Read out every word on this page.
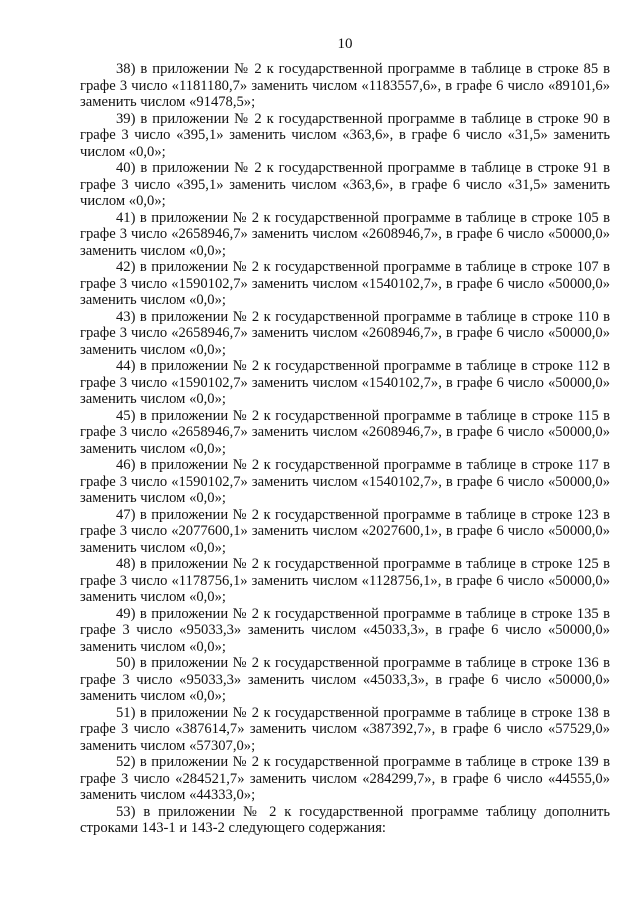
10

38) в приложении № 2 к государственной программе в таблице в строке 85 в графе 3 число «1181180,7» заменить числом «1183557,6», в графе 6 число «89101,6» заменить числом «91478,5»;

39) в приложении № 2 к государственной программе в таблице в строке 90 в графе 3 число «395,1» заменить числом «363,6», в графе 6 число «31,5» заменить числом «0,0»;

40) в приложении № 2 к государственной программе в таблице в строке 91 в графе 3 число «395,1» заменить числом «363,6», в графе 6 число «31,5» заменить числом «0,0»;

41) в приложении № 2 к государственной программе в таблице в строке 105 в графе 3 число «2658946,7» заменить числом «2608946,7», в графе 6 число «50000,0» заменить числом «0,0»;

42) в приложении № 2 к государственной программе в таблице в строке 107 в графе 3 число «1590102,7» заменить числом «1540102,7», в графе 6 число «50000,0» заменить числом «0,0»;

43) в приложении № 2 к государственной программе в таблице в строке 110 в графе 3 число «2658946,7» заменить числом «2608946,7», в графе 6 число «50000,0» заменить числом «0,0»;

44) в приложении № 2 к государственной программе в таблице в строке 112 в графе 3 число «1590102,7» заменить числом «1540102,7», в графе 6 число «50000,0» заменить числом «0,0»;

45) в приложении № 2 к государственной программе в таблице в строке 115 в графе 3 число «2658946,7» заменить числом «2608946,7», в графе 6 число «50000,0» заменить числом «0,0»;

46) в приложении № 2 к государственной программе в таблице в строке 117 в графе 3 число «1590102,7» заменить числом «1540102,7», в графе 6 число «50000,0» заменить числом «0,0»;

47) в приложении № 2 к государственной программе в таблице в строке 123 в графе 3 число «2077600,1» заменить числом «2027600,1», в графе 6 число «50000,0» заменить числом «0,0»;

48) в приложении № 2 к государственной программе в таблице в строке 125 в графе 3 число «1178756,1» заменить числом «1128756,1», в графе 6 число «50000,0» заменить числом «0,0»;

49) в приложении № 2 к государственной программе в таблице в строке 135 в графе 3 число «95033,3» заменить числом «45033,3», в графе 6 число «50000,0» заменить числом «0,0»;

50) в приложении № 2 к государственной программе в таблице в строке 136 в графе 3 число «95033,3» заменить числом «45033,3», в графе 6 число «50000,0» заменить числом «0,0»;

51) в приложении № 2 к государственной программе в таблице в строке 138 в графе 3 число «387614,7» заменить числом «387392,7», в графе 6 число «57529,0» заменить числом «57307,0»;

52) в приложении № 2 к государственной программе в таблице в строке 139 в графе 3 число «284521,7» заменить числом «284299,7», в графе 6 число «44555,0» заменить числом «44333,0»;

53) в приложении № 2 к государственной программе таблицу дополнить строками 143-1 и 143-2 следующего содержания:
